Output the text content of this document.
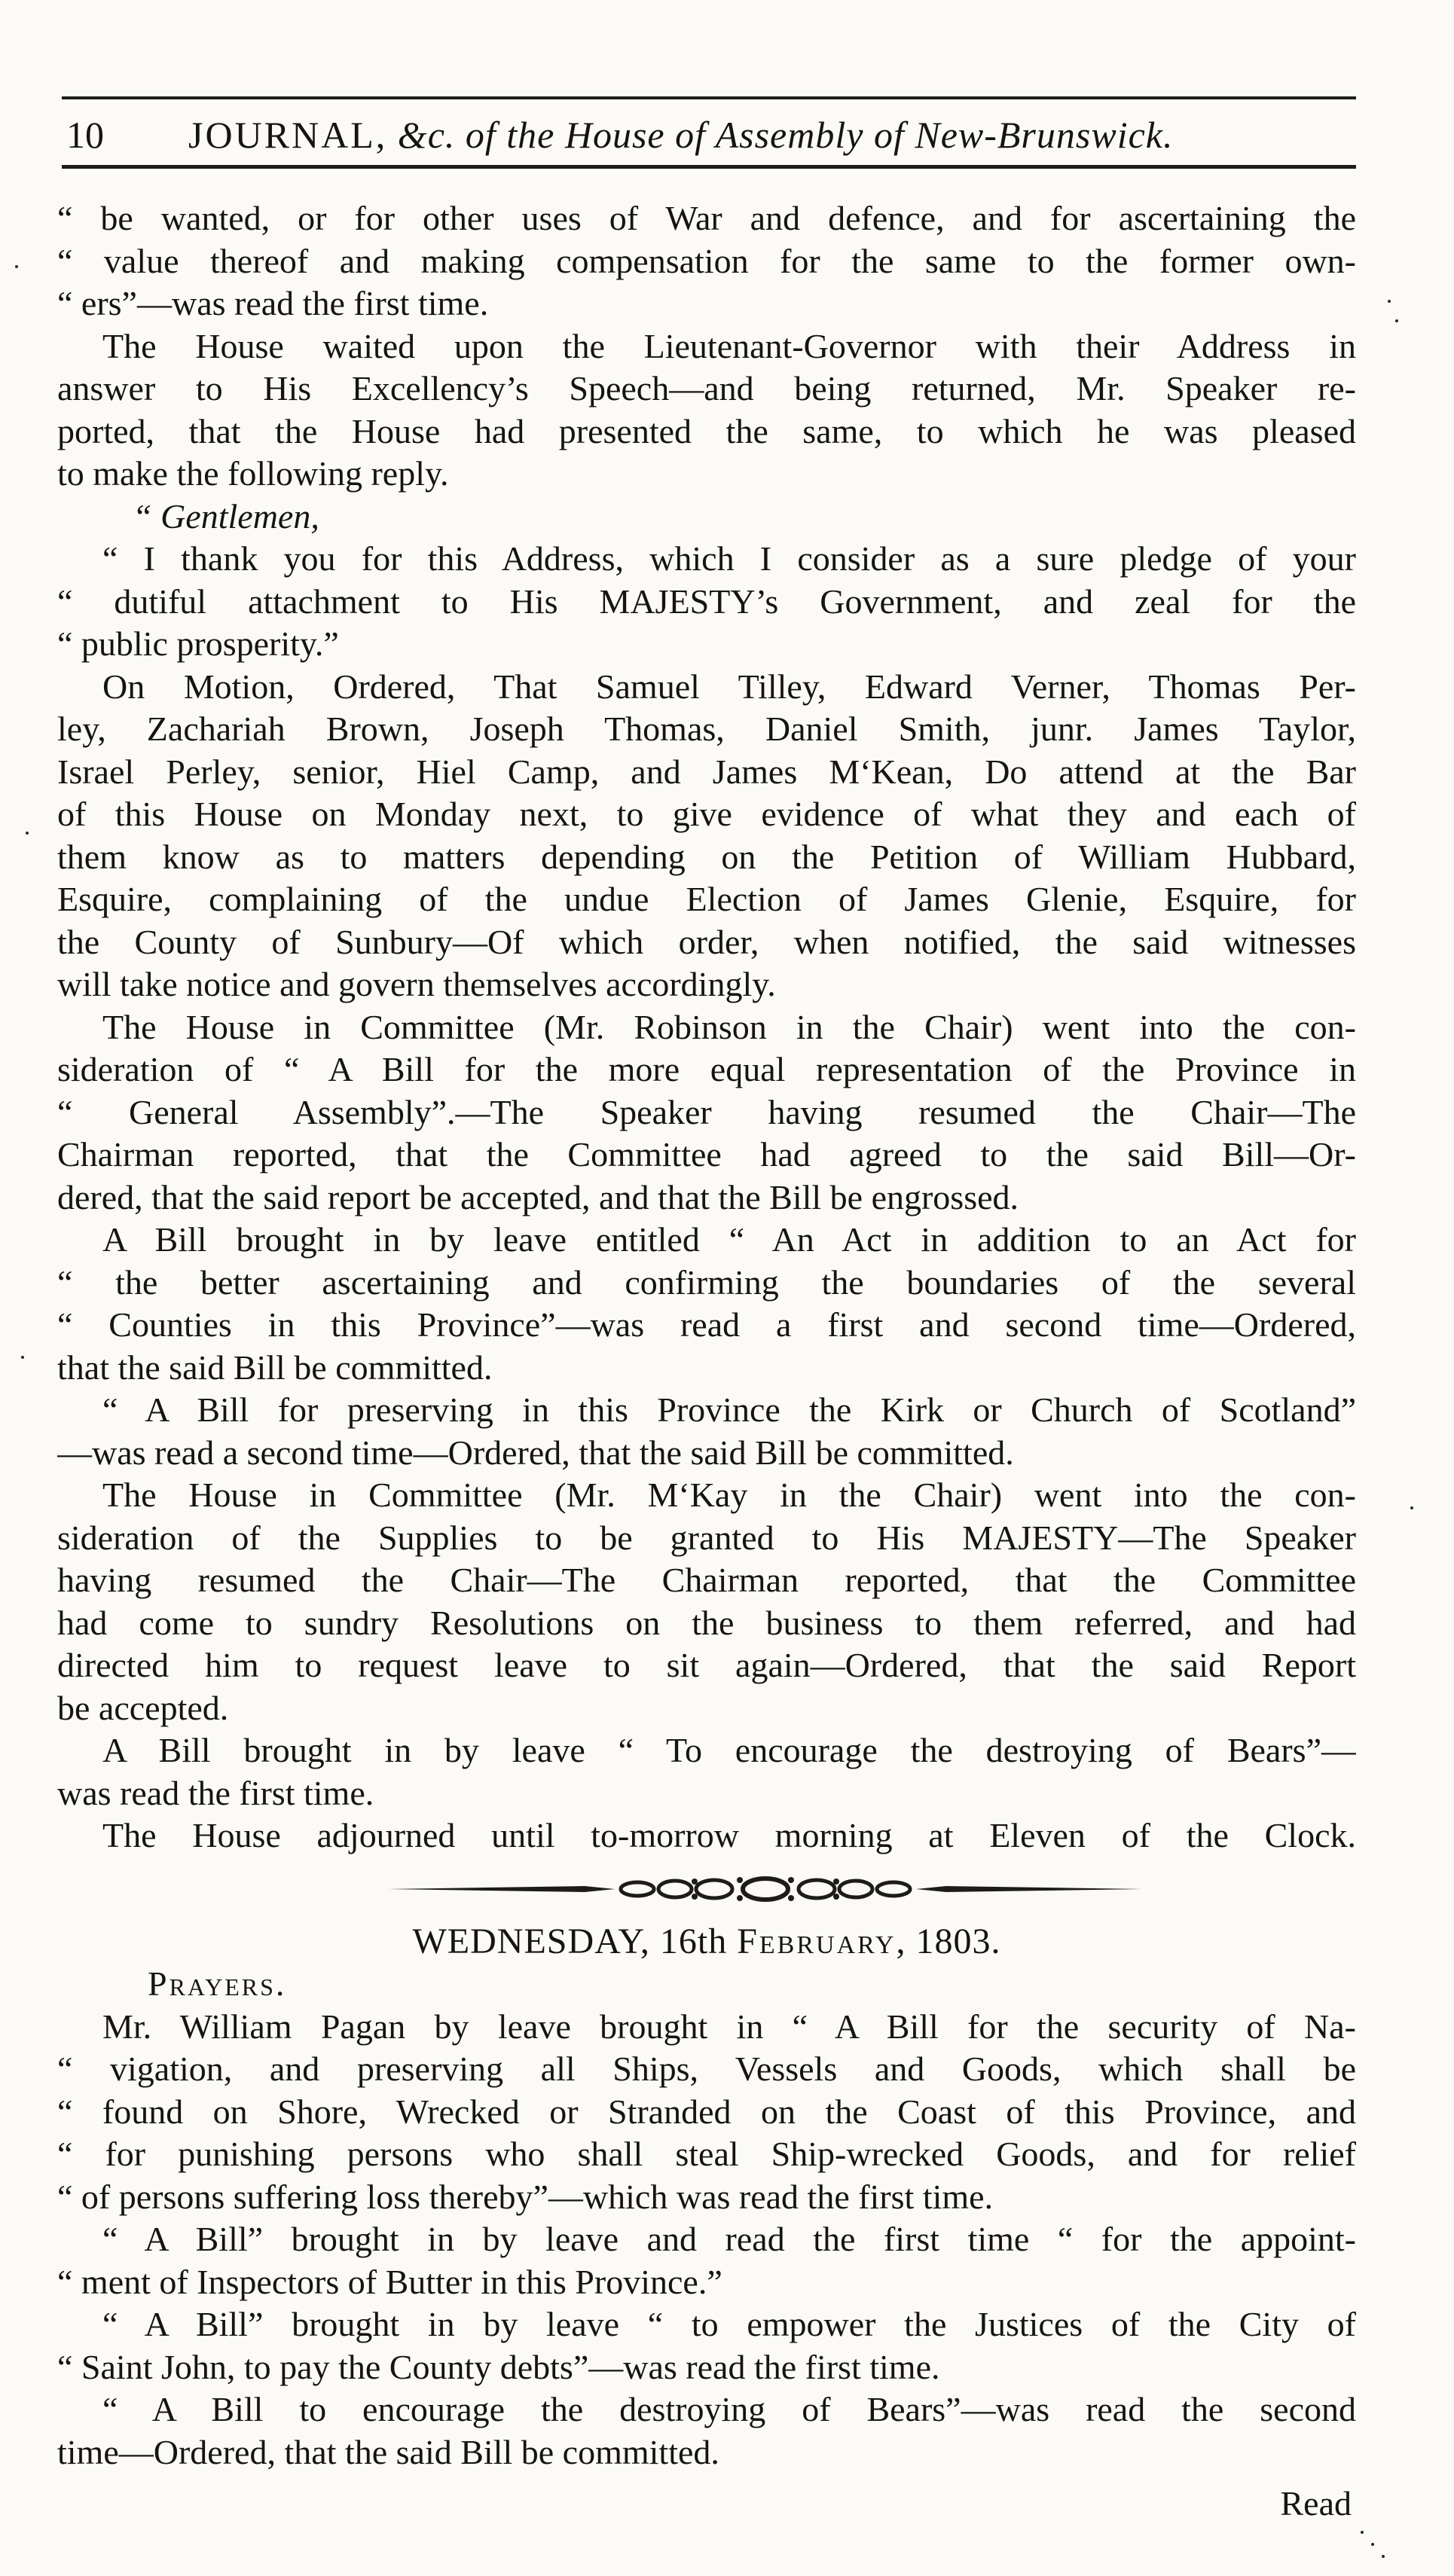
10 JOURNAL, &c. of the House of Assembly of New-Brunswick.
“ be wanted, or for other uses of War and defence, and for ascertaining the
“ value thereof and making compensation for the same to the former own-
“ ers”—was read the first time.
The House waited upon the Lieutenant-Governor with their Address in
answer to His Excellency’s Speech—and being returned, Mr. Speaker re-
ported, that the House had presented the same, to which he was pleased
to make the following reply.
“ Gentlemen,
“ I thank you for this Address, which I consider as a sure pledge of your
“ dutiful attachment to His MAJESTY’s Government, and zeal for the
“ public prosperity.”
On Motion, Ordered, That Samuel Tilley, Edward Verner, Thomas Per-
ley, Zachariah Brown, Joseph Thomas, Daniel Smith, junr. James Taylor,
Israel Perley, senior, Hiel Camp, and James M‘Kean, Do attend at the Bar
of this House on Monday next, to give evidence of what they and each of
them know as to matters depending on the Petition of William Hubbard,
Esquire, complaining of the undue Election of James Glenie, Esquire, for
the County of Sunbury—Of which order, when notified, the said witnesses
will take notice and govern themselves accordingly.
The House in Committee (Mr. Robinson in the Chair) went into the con-
sideration of “ A Bill for the more equal representation of the Province in
“ General Assembly”.—The Speaker having resumed the Chair—The
Chairman reported, that the Committee had agreed to the said Bill—Or-
dered, that the said report be accepted, and that the Bill be engrossed.
A Bill brought in by leave entitled “ An Act in addition to an Act for
“ the better ascertaining and confirming the boundaries of the several
“ Counties in this Province”—was read a first and second time—Ordered,
that the said Bill be committed.
“ A Bill for preserving in this Province the Kirk or Church of Scotland”
—was read a second time—Ordered, that the said Bill be committed.
The House in Committee (Mr. M‘Kay in the Chair) went into the con-
sideration of the Supplies to be granted to His MAJESTY—The Speaker
having resumed the Chair—The Chairman reported, that the Committee
had come to sundry Resolutions on the business to them referred, and had
directed him to request leave to sit again—Ordered, that the said Report
be accepted.
A Bill brought in by leave “ To encourage the destroying of Bears”—
was read the first time.
The House adjourned until to-morrow morning at Eleven of the Clock.
WEDNESDAY, 16th February, 1803.
Prayers.
Mr. William Pagan by leave brought in “ A Bill for the security of Na-
“ vigation, and preserving all Ships, Vessels and Goods, which shall be
“ found on Shore, Wrecked or Stranded on the Coast of this Province, and
“ for punishing persons who shall steal Ship-wrecked Goods, and for relief
“ of persons suffering loss thereby”—which was read the first time.
“ A Bill” brought in by leave and read the first time “ for the appoint-
“ ment of Inspectors of Butter in this Province.”
“ A Bill” brought in by leave “ to empower the Justices of the City of
“ Saint John, to pay the County debts”—was read the first time.
“ A Bill to encourage the destroying of Bears”—was read the second
time—Ordered, that the said Bill be committed.
Read
